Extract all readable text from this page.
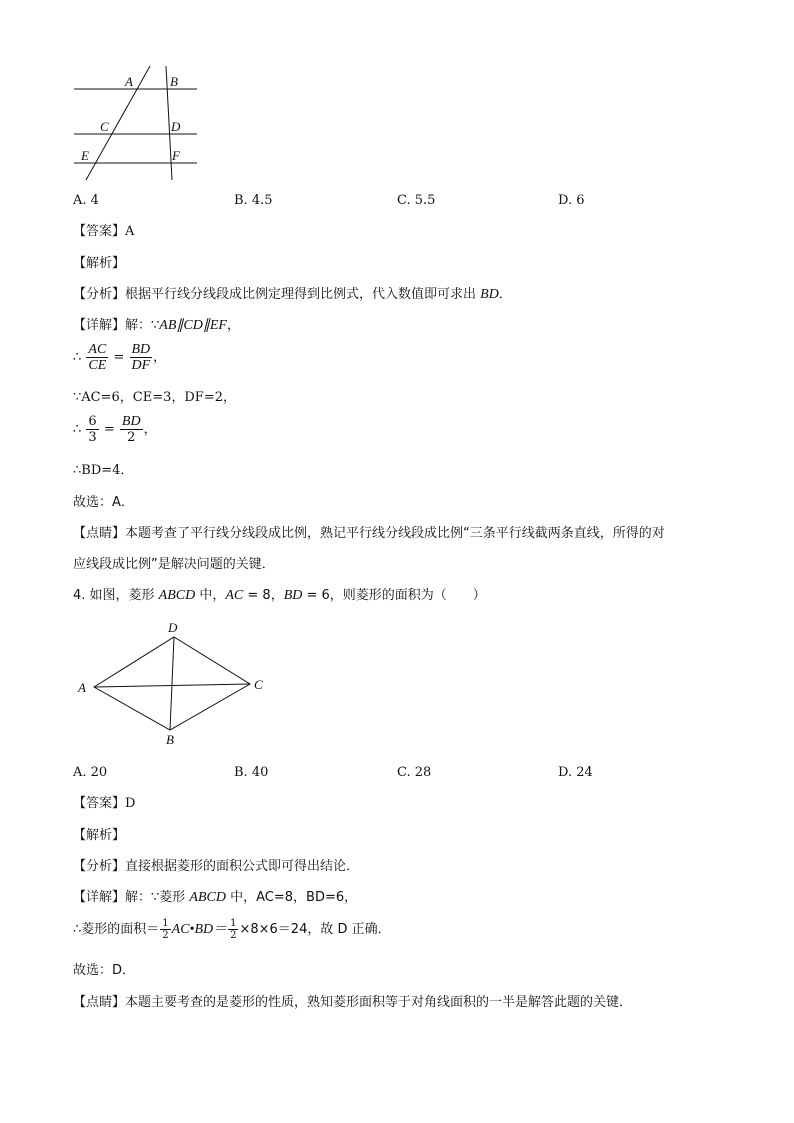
A	B
C	D
E	F
A. 4	B. 4.5	C. 5.5	D. 6
【答案】A
【解析】
【分析】根据平行线分线段成比例定理得到比例式，代入数值即可求出 BD．
【详解】解：∵AB∥CD∥EF，
∴ $\frac{AC}{CE} = \frac{BD}{DF}$ ，
∵AC=6，CE=3，DF=2，
∴ $\frac{6}{3} = \frac{BD}{2}$ ，
∴BD=4．
故选：A．
【点睛】本题考查了平行线分线段成比例，熟记平行线分线段成比例“三条平行线截两条直线，所得的对
应线段成比例”是解决问题的关键．
4. 如图，菱形 ABCD 中，AC = 8，BD = 6，则菱形的面积为（　　）
D
A	C
B
A. 20	B. 40	C. 28	D. 24
【答案】D
【解析】
【分析】直接根据菱形的面积公式即可得出结论．
【详解】解：∵菱形 ABCD 中，AC=8，BD=6，
∴菱形的面积＝ $\frac{1}{2}$ AC•BD＝ $\frac{1}{2} \times 8\times 6=24$，故 D 正确．
故选：D．
【点睛】本题主要考查的是菱形的性质，熟知菱形面积等于对角线面积的一半是解答此题的关键．
